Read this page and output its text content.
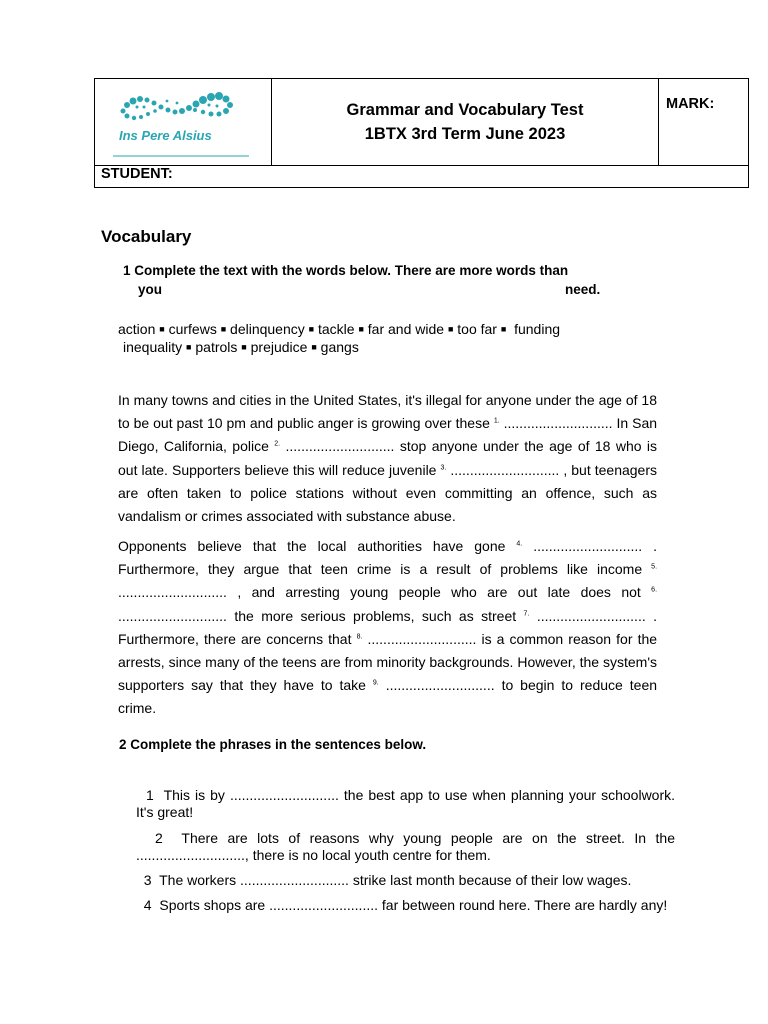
Ins Pere Alsius
Grammar and Vocabulary Test
1BTX 3rd Term June 2023
MARK:
STUDENT:
Vocabulary
1 Complete the text with the words below. There are more words than
you	need.
action ■ curfews ■ delinquency ■ tackle ■ far and wide ■ too far ■ funding
inequality ■ patrols ■ prejudice ■ gangs
In many towns and cities in the United States, it's illegal for anyone under the age of 18 to be out past 10 pm and public anger is growing over these $^{1.}$ ............................ In San Diego, California, police $^{2.}$ ............................ stop anyone under the age of 18 who is out late. Supporters believe this will reduce juvenile $^{3.}$ ............................ , but teenagers are often taken to police stations without even committing an offence, such as vandalism or crimes associated with substance abuse.
Opponents believe that the local authorities have gone $^{4.}$ ............................ . Furthermore, they argue that teen crime is a result of problems like income $^{5.}$ ............................ , and arresting young people who are out late does not $^{6.}$ ............................ the more serious problems, such as street $^{7.}$ ............................ . Furthermore, there are concerns that $^{8.}$ ............................ is a common reason for the arrests, since many of the teens are from minority backgrounds. However, the system's supporters say that they have to take $^{9.}$ ............................ to begin to reduce teen crime.
2 Complete the phrases in the sentences below.
1 This is by ............................ the best app to use when planning your schoolwork. It's great!
2 There are lots of reasons why young people are on the street. In the ............................, there is no local youth centre for them.
3 The workers ............................ strike last month because of their low wages.
4 Sports shops are ............................ far between round here. There are hardly any!
